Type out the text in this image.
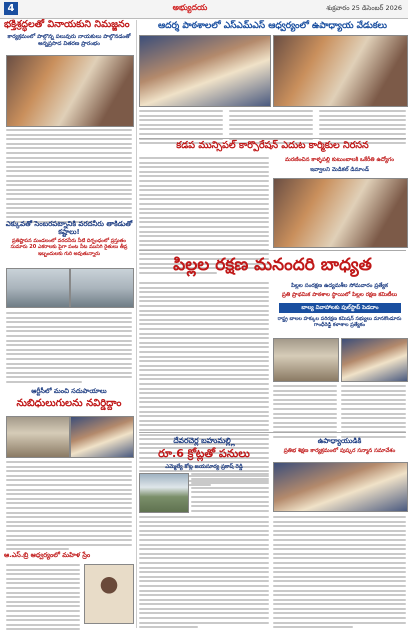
4	అభ్యుదయ	శుక్రవారం 25 డిసెంబర్ 2026
భక్తిశ్రద్ధలతో వినాయకుని నిమజ్జనం
కార్యక్రమంలో పాల్గొన్న పలువురు నాయకులు పాల్గొనడంతో అన్నప్రసాద వితరణ ప్రారంభం
ఎక్కువతో సెంబరపట్నానికి వరదనీరు తాకిడుతో కష్టాలు!
ప్రతిష్టాపన మండలంలో వరదనీరు నీటి దిగ్బంధంలో ప్రస్తుతం సుమారు 20 ఎకరాలకు పైగా పంట నీట మునిగి రైతులు తీవ్ర ఇబ్బందులకు గురి అవుతున్నారు
ఆర్టీసీలో మంచి సదుపాయాలు
నుబిధులుగులను నవిర్డిద్దాం
ఆ.ఎస్.బ్రి ఆధ్వర్యంలో మహిళ స్రేం
ఆదర్శ పాఠశాలలో ఎస్‌ఎమ్‌ఎస్ ఆధ్వర్యంలో ఉపాధ్యాయ వేడుకలు
కడప మున్సిపల్ కార్పొరేషన్ ఎదుట కార్మికుల నిరసన
మరణించిన కాళ్ళపల్లి కుటుంబాలకి ఒకేరీతి ఉద్యోగం
ఇవ్వాలని మెడికల్ డిమాండ్
పిల్లల రక్షణ మనందరి బాధ్యత
పిల్లల సంరక్షణ ఉద్యమశీల సోమవారం ప్రత్యేక
ప్రతి ప్రాథమిక పాఠశాల స్థాయిలో పిల్లల రక్షణ కమిటీలు
బాల్య వివాహాలకు పుల్‌స్టాప్ పెడదాం
రాష్ట్ర బాలల హక్కుల పరిరక్షణ కమిషన్ సభ్యులు మానకొండూరు గాంధీరెడ్డి కళాశాల ప్రత్యేకం
దేవరచెర్ల బహుమల్ల్లి
రూ.6 క్రోట్లతో పనులు
ఎమ్మెల్యే కోట్ల జయసూర్య ప్రకాష్ రెడ్డి
ఉపాధ్యాయుడికి
ప్రతిభ శిక్షణ కార్యక్రమంలో పుష్కర సన్మాన సమావేశం
